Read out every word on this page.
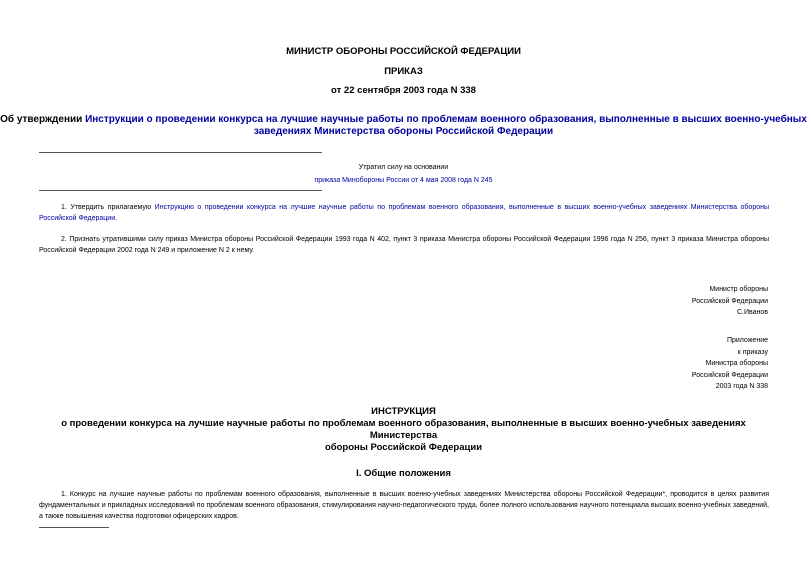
МИНИСТР ОБОРОНЫ РОССИЙСКОЙ ФЕДЕРАЦИИ
ПРИКАЗ
от 22 сентября 2003 года N 338
Об утверждении Инструкции о проведении конкурса на лучшие научные работы по проблемам военного образования, выполненные в высших военно-учебных
заведениях Министерства обороны Российской Федерации
Утратил силу на основании
приказа Минобороны России от 4 мая 2008 года N 245
1. Утвердить прилагаемую Инструкцию о проведении конкурса на лучшие научные работы по проблемам военного образования, выполненные в высших военно-учебных заведениях Министерства обороны Российской Федерации.
2. Признать утратившими силу приказ Министра обороны Российской Федерации 1993 года N 402, пункт 3 приказа Министра обороны Российской Федерации 1996 года N 256, пункт 3 приказа Министра обороны Российской Федерации 2002 года N 249 и приложение N 2 к нему.
Министр обороны
Российской Федерации
С.Иванов
Приложение
к приказу
Министра обороны
Российской Федерации
2003 года N 338
ИНСТРУКЦИЯ
о проведении конкурса на лучшие научные работы по проблемам военного образования, выполненные в высших военно-учебных заведениях Министерства
обороны Российской Федерации
I. Общие положения
1. Конкурс на лучшие научные работы по проблемам военного образования, выполненные в высших военно-учебных заведениях Министерства обороны Российской Федерации*, проводится в целях развития фундаментальных и прикладных исследований по проблемам военного образования, стимулирования научно-педагогического труда, более полного использования научного потенциала высших военно-учебных заведений, а также повышения качества подготовки офицерских кадров.
